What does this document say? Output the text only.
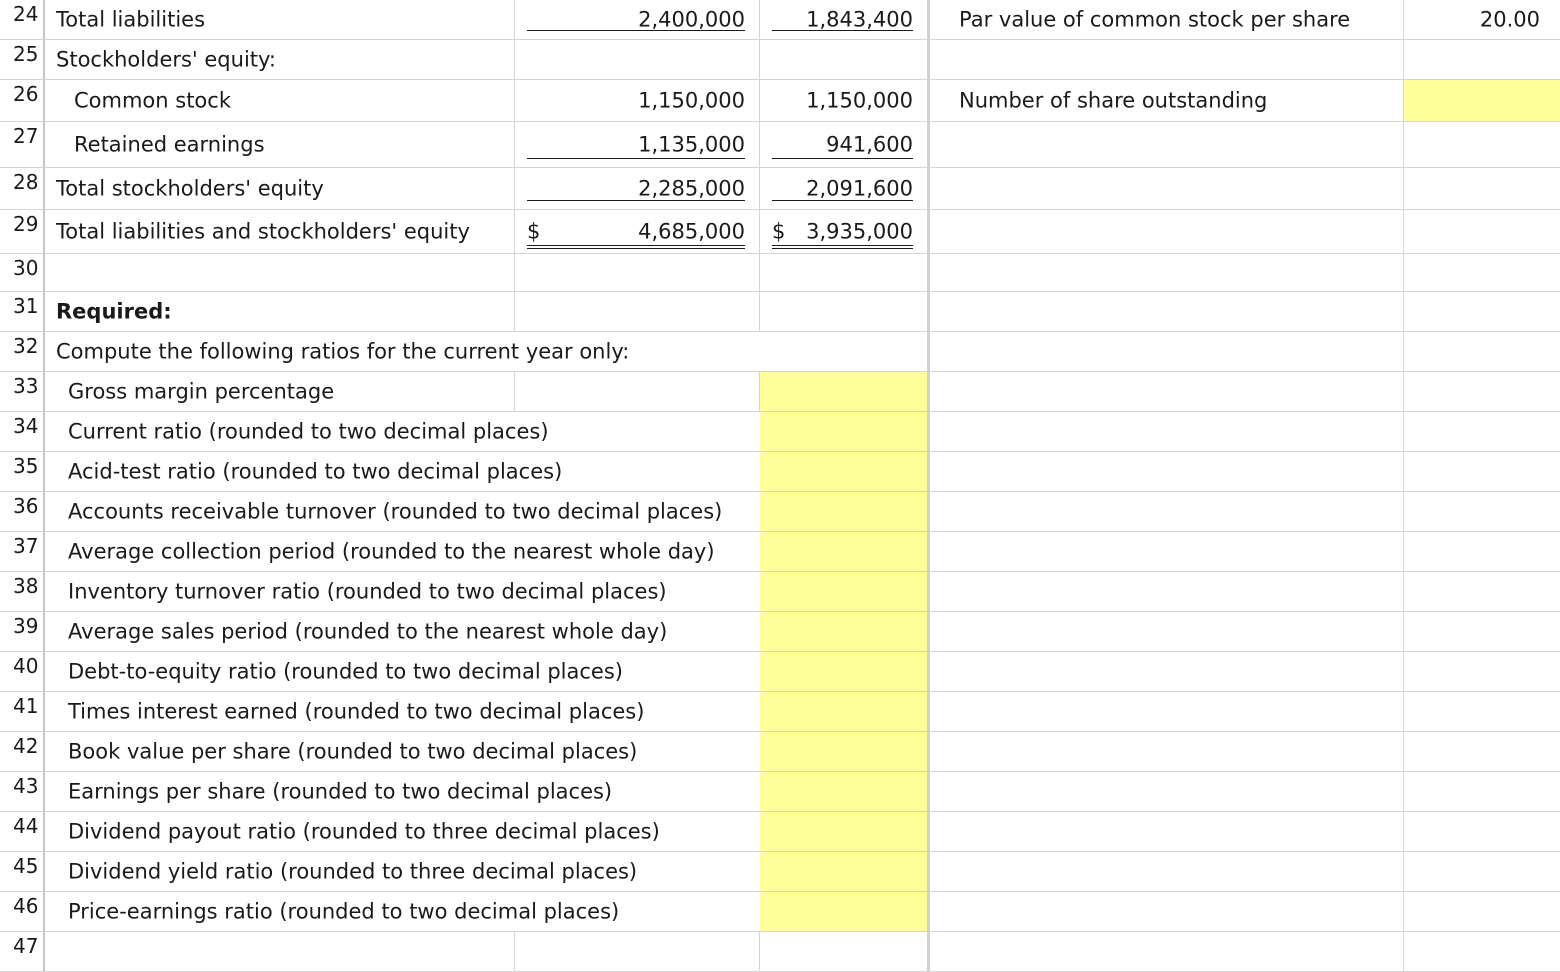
24 Total liabilities	2,400,000	1,843,400 Par value of common stock per share	20.00
25 Stockholders' equity:
26 Common stock	1,150,000	1,150,000 Number of share outstanding
27 Retained earnings	1,135,000	941,600
28 Total stockholders' equity	2,285,000	2,091,600
29 Total liabilities and stockholders' equity	$	4,685,000 $ 3,935,000
30
31 Required:
32 Compute the following ratios for the current year only:
33 Gross margin percentage
34 Current ratio (rounded to two decimal places)
35 Acid-test ratio (rounded to two decimal places)
36 Accounts receivable turnover (rounded to two decimal places)
37 Average collection period (rounded to the nearest whole day)
38 Inventory turnover ratio (rounded to two decimal places)
39 Average sales period (rounded to the nearest whole day)
40 Debt-to-equity ratio (rounded to two decimal places)
41 Times interest earned (rounded to two decimal places)
42 Book value per share (rounded to two decimal places)
43 Earnings per share (rounded to two decimal places)
44 Dividend payout ratio (rounded to three decimal places)
45 Dividend yield ratio (rounded to three decimal places)
46 Price-earnings ratio (rounded to two decimal places)
47
